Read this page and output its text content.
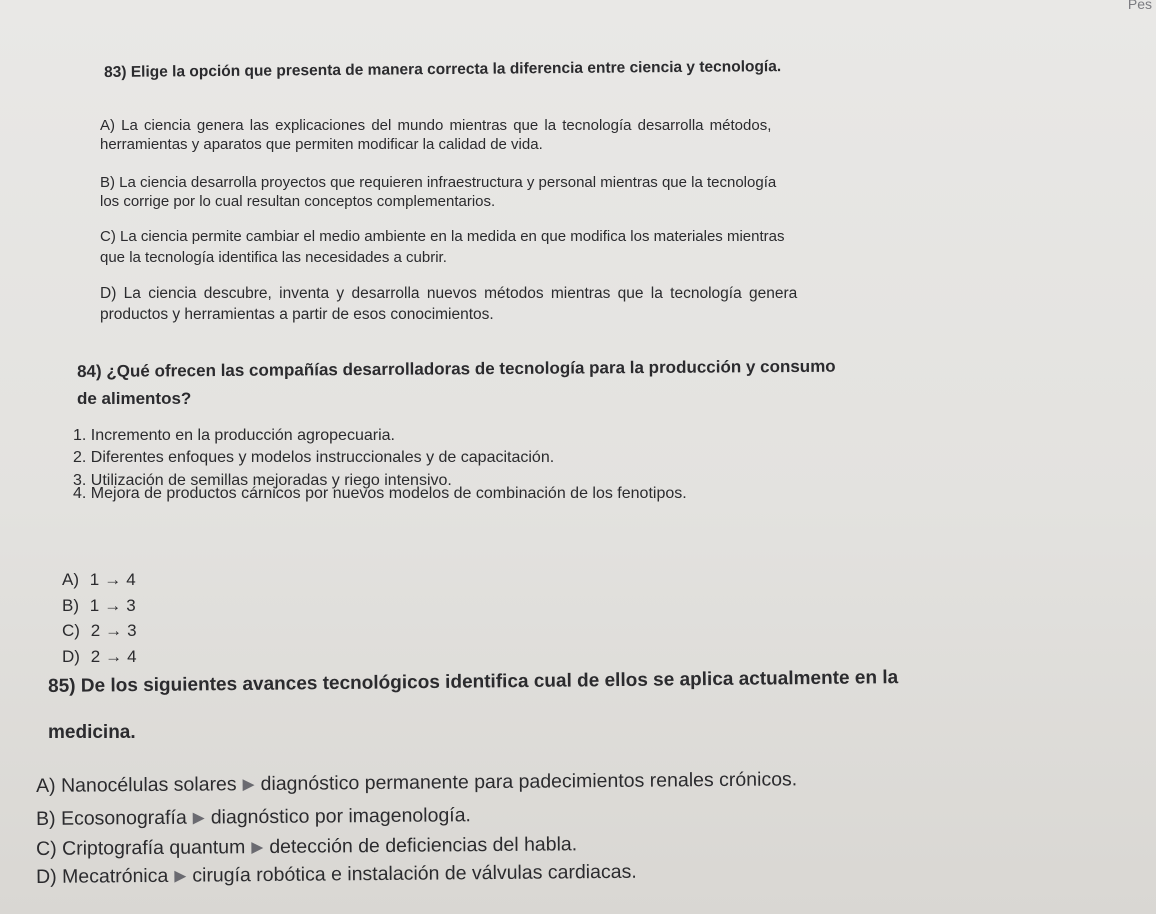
Pes

83) Elige la opción que presenta de manera correcta la diferencia entre ciencia y tecnología.

A) La ciencia genera las explicaciones del mundo mientras que la tecnología desarrolla métodos,

herramientas y aparatos que permiten modificar la calidad de vida.

B) La ciencia desarrolla proyectos que requieren infraestructura y personal mientras que la tecnología

los corrige por lo cual resultan conceptos complementarios.

C) La ciencia permite cambiar el medio ambiente en la medida en que modifica los materiales mientras

que la tecnología identifica las necesidades a cubrir.

D) La ciencia descubre, inventa y desarrolla nuevos métodos mientras que la tecnología genera

productos y herramientas a partir de esos conocimientos.

84) ¿Qué ofrecen las compañías desarrolladoras de tecnología para la producción y consumo

de alimentos?

1. Incremento en la producción agropecuaria.

2. Diferentes enfoques y modelos instruccionales y de capacitación.

3. Utilización de semillas mejoradas y riego intensivo.

4. Mejora de productos cárnicos por nuevos modelos de combinación de los fenotipos.

A) 1 → 4
B) 1 → 3
C) 2 → 3
D) 2 → 4

85) De los siguientes avances tecnológicos identifica cual de ellos se aplica actualmente en la

medicina.

A) Nanocélulas solares ▶ diagnóstico permanente para padecimientos renales crónicos.
B) Ecosonografía ▶ diagnóstico por imagenología.
C) Criptografía quantum ▶ detección de deficiencias del habla.
D) Mecatrónica ▶ cirugía robótica e instalación de válvulas cardiacas.
